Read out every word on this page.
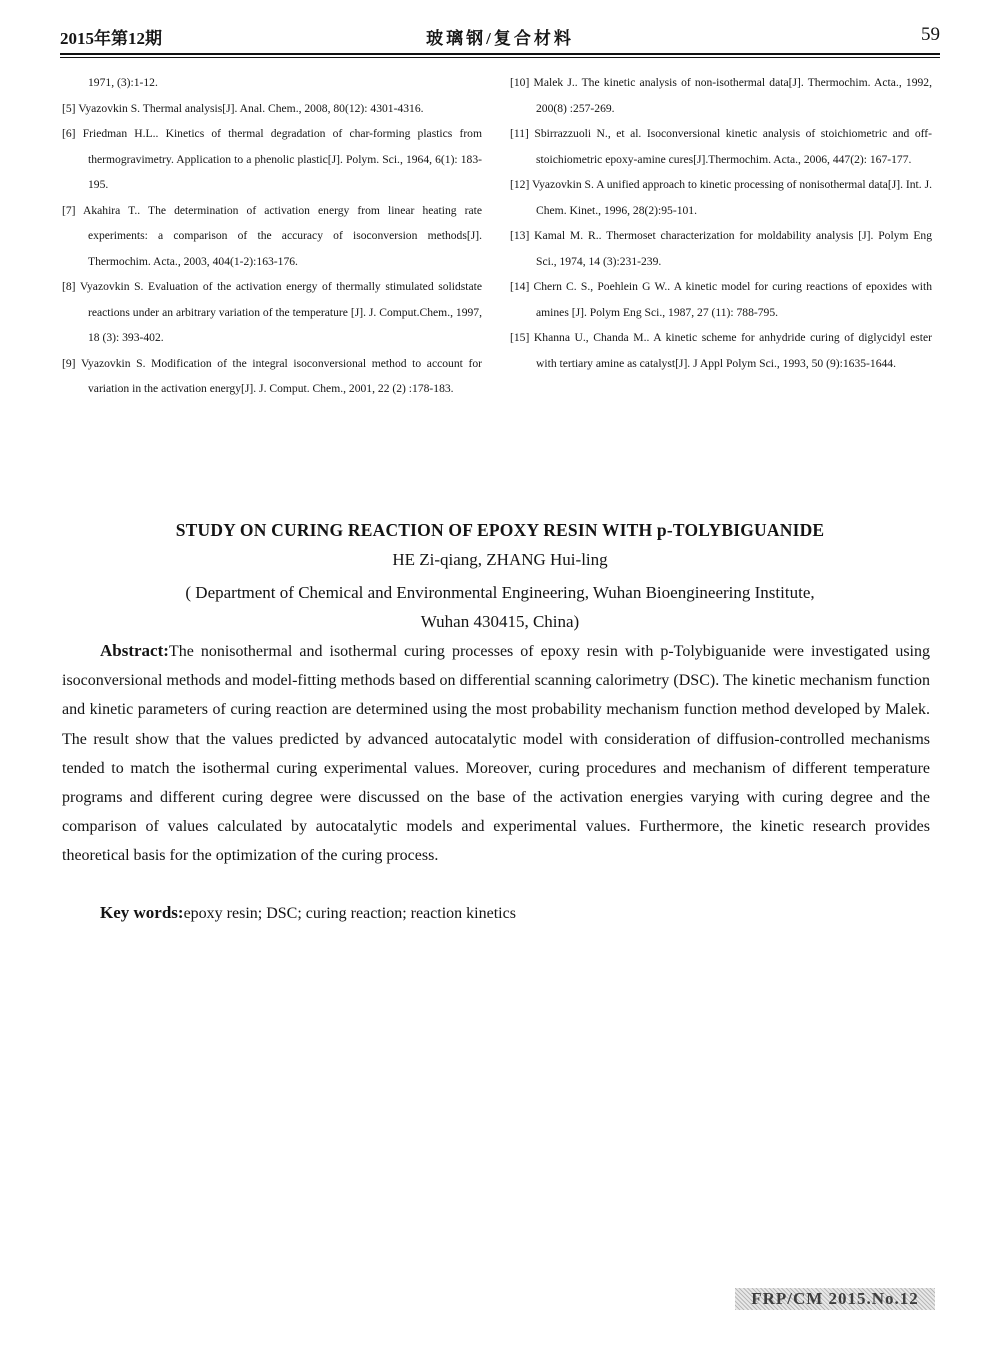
2015年第12期	玻璃钢/复合材料	59
1971, (3):1-12.
[5] Vyazovkin S. Thermal analysis[J]. Anal. Chem., 2008, 80(12): 4301-4316.
[6] Friedman H.L.. Kinetics of thermal degradation of char-forming plastics from thermogravimetry. Application to a phenolic plastic[J]. Polym. Sci., 1964, 6(1): 183-195.
[7] Akahira T.. The determination of activation energy from linear heating rate experiments: a comparison of the accuracy of isoconversion methods[J]. Thermochim. Acta., 2003, 404(1-2):163-176.
[8] Vyazovkin S. Evaluation of the activation energy of thermally stimulated solidstate reactions under an arbitrary variation of the temperature [J]. J. Comput.Chem., 1997, 18 (3): 393-402.
[9] Vyazovkin S. Modification of the integral isoconversional method to account for variation in the activation energy[J]. J. Comput. Chem., 2001, 22 (2) :178-183.
[10] Malek J.. The kinetic analysis of non-isothermal data[J]. Thermochim. Acta., 1992, 200(8) :257-269.
[11] Sbirrazzuoli N., et al. Isoconversional kinetic analysis of stoichiometric and off-stoichiometric epoxy-amine cures[J].Thermochim. Acta., 2006, 447(2): 167-177.
[12] Vyazovkin S. A unified approach to kinetic processing of nonisothermal data[J]. Int. J. Chem. Kinet., 1996, 28(2):95-101.
[13] Kamal M. R.. Thermoset characterization for moldability analysis [J]. Polym Eng Sci., 1974, 14 (3):231-239.
[14] Chern C. S., Poehlein G W.. A kinetic model for curing reactions of epoxides with amines [J]. Polym Eng Sci., 1987, 27 (11): 788-795.
[15] Khanna U., Chanda M.. A kinetic scheme for anhydride curing of diglycidyl ester with tertiary amine as catalyst[J]. J Appl Polym Sci., 1993, 50 (9):1635-1644.
STUDY ON CURING REACTION OF EPOXY RESIN WITH p-TOLYBIGUANIDE
HE Zi-qiang, ZHANG Hui-ling
( Department of Chemical and Environmental Engineering, Wuhan Bioengineering Institute,
Wuhan 430415, China)
Abstract:The nonisothermal and isothermal curing processes of epoxy resin with p-Tolybiguanide were investigated using isoconversional methods and model-fitting methods based on differential scanning calorimetry (DSC). The kinetic mechanism function and kinetic parameters of curing reaction are determined using the most probability mechanism function method developed by Malek. The result show that the values predicted by advanced autocatalytic model with consideration of diffusion-controlled mechanisms tended to match the isothermal curing experimental values. Moreover, curing procedures and mechanism of different temperature programs and different curing degree were discussed on the base of the activation energies varying with curing degree and the comparison of values calculated by autocatalytic models and experimental values. Furthermore, the kinetic research provides theoretical basis for the optimization of the curing process.
Key words:epoxy resin; DSC; curing reaction; reaction kinetics
FRP/CM 2015.No.12
